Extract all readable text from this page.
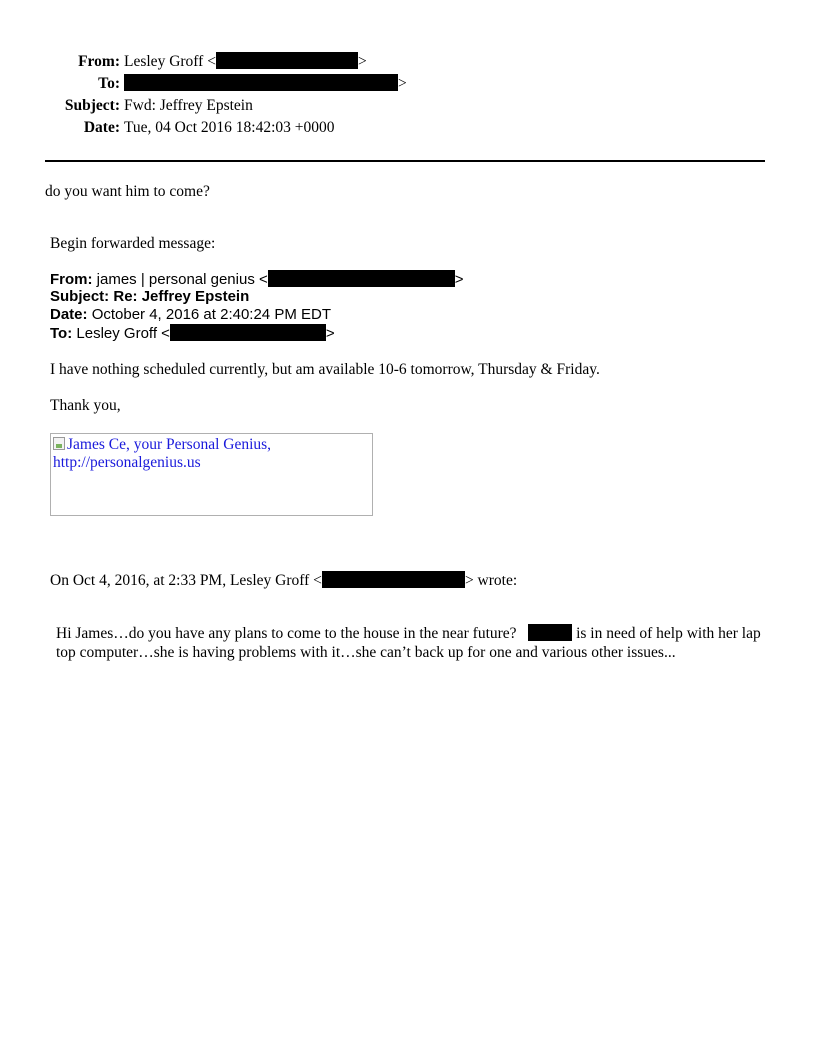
From: Lesley Groff <	>
To:	>
Subject: Fwd: Jeffrey Epstein
Date: Tue, 04 Oct 2016 18:42:03 +0000
do you want him to come?
Begin forwarded message:
From: james | personal genius <	>
Subject: Re: Jeffrey Epstein
Date: October 4, 2016 at 2:40:24 PM EDT
To: Lesley Groff <	>
I have nothing scheduled currently, but am available 10-6 tomorrow, Thursday & Friday.
Thank you,
James Ce, your Personal Genius,
http://personalgenius.us
On Oct 4, 2016, at 2:33 PM, Lesley Groff <	> wrote:
Hi James…do you have any plans to come to the house in the near future?	is in need of help with her lap top computer…she is having problems with it…she can’t back up for one and various other issues...
